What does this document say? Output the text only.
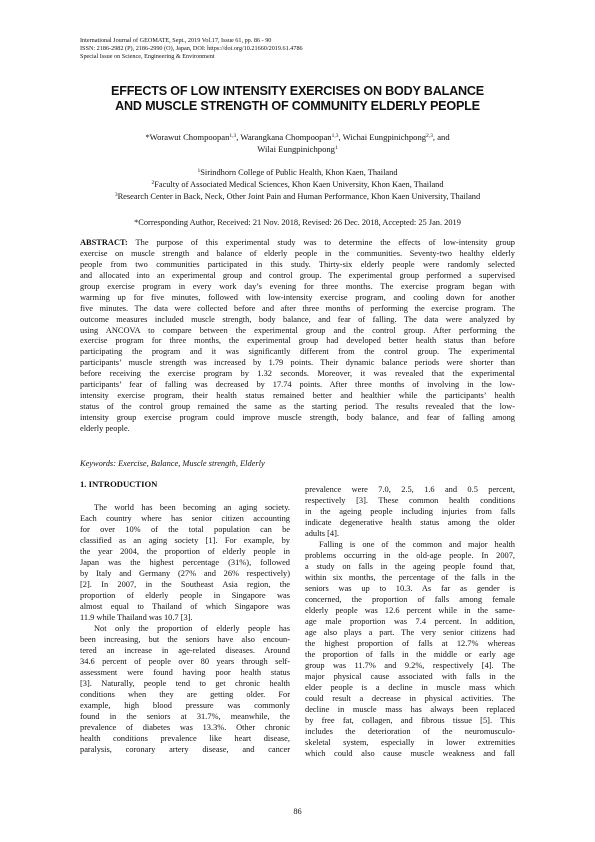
International Journal of GEOMATE, Sept., 2019 Vol.17, Issue 61, pp. 86 - 90
ISSN: 2186-2982 (P), 2186-2990 (O), Japan, DOI: https://doi.org/10.21660/2019.61.4786
Special Issue on Science, Engineering & Environment
EFFECTS OF LOW INTENSITY EXERCISES ON BODY BALANCE
AND MUSCLE STRENGTH OF COMMUNITY ELDERLY PEOPLE
*Worawut Chompoopan$^{1,3}$, Warangkana Chompoopan$^{1,3}$, Wichai Eungpinichpong$^{2,3}$, and
Wilai Eungpinichpong$^1$
$^1$Sirindhorn College of Public Health, Khon Kaen, Thailand
$^2$Faculty of Associated Medical Sciences, Khon Kaen University, Khon Kaen, Thailand
$^3$Research Center in Back, Neck, Other Joint Pain and Human Performance, Khon Kaen University, Thailand
*Corresponding Author, Received: 21 Nov. 2018, Revised: 26 Dec. 2018, Accepted: 25 Jan. 2019
ABSTRACT: The purpose of this experimental study was to determine the effects of low-intensity group
exercise on muscle strength and balance of elderly people in the communities. Seventy-two healthy elderly
people from two communities participated in this study. Thirty-six elderly people were randomly selected
and allocated into an experimental group and control group. The experimental group performed a supervised
group exercise program in every work day’s evening for three months. The exercise program began with
warming up for five minutes, followed with low-intensity exercise program, and cooling down for another
five minutes. The data were collected before and after three months of performing the exercise program. The
outcome measures included muscle strength, body balance, and fear of falling. The data were analyzed by
using ANCOVA to compare between the experimental group and the control group. After performing the
exercise program for three months, the experimental group had developed better health status than before
participating the program and it was significantly different from the control group. The experimental
participants’ muscle strength was increased by 1.79 points. Their dynamic balance periods were shorter than
before receiving the exercise program by 1.32 seconds. Moreover, it was revealed that the experimental
participants’ fear of falling was decreased by 17.74 points. After three months of involving in the low-
intensity exercise program, their health status remained better and healthier while the participants’ health
status of the control group remained the same as the starting period. The results revealed that the low-
intensity group exercise program could improve muscle strength, body balance, and fear of falling among
elderly people.
Keywords: Exercise, Balance, Muscle strength, Elderly
1. INTRODUCTION
The world has been becoming an aging society.
Each country where has senior citizen accounting
for over 10% of the total population can be
classified as an aging society [1]. For example, by
the year 2004, the proportion of elderly people in
Japan was the highest percentage (31%), followed
by Italy and Germany (27% and 26% respectively)
[2]. In 2007, in the Southeast Asia region, the
proportion of elderly people in Singapore was
almost equal to Thailand of which Singapore was
11.9 while Thailand was 10.7 [3].
Not only the proportion of elderly people has
been increasing, but the seniors have also encoun-
tered an increase in age-related diseases. Around
34.6 percent of people over 80 years through self-
assessment were found having poor health status
[3]. Naturally, people tend to get chronic health
conditions when they are getting older. For
example, high blood pressure was commonly
found in the seniors at 31.7%, meanwhile, the
prevalence of diabetes was 13.3%. Other chronic
health conditions prevalence like heart disease,
paralysis, coronary artery disease, and cancer
prevalence were 7.0, 2.5, 1.6 and 0.5 percent,
respectively [3]. These common health conditions
in the ageing people including injuries from falls
indicate degenerative health status among the older
adults [4].
Falling is one of the common and major health
problems occurring in the old-age people. In 2007,
a study on falls in the ageing people found that,
within six months, the percentage of the falls in the
seniors was up to 10.3. As far as gender is
concerned, the proportion of falls among female
elderly people was 12.6 percent while in the same-
age male proportion was 7.4 percent. In addition,
age also plays a part. The very senior citizens had
the highest proportion of falls at 12.7% whereas
the proportion of falls in the middle or early age
group was 11.7% and 9.2%, respectively [4]. The
major physical cause associated with falls in the
elder people is a decline in muscle mass which
could result a decrease in physical activities. The
decline in muscle mass has always been replaced
by free fat, collagen, and fibrous tissue [5]. This
includes the deterioration of the neuromusculo-
skeletal system, especially in lower extremities
which could also cause muscle weakness and fall
86
